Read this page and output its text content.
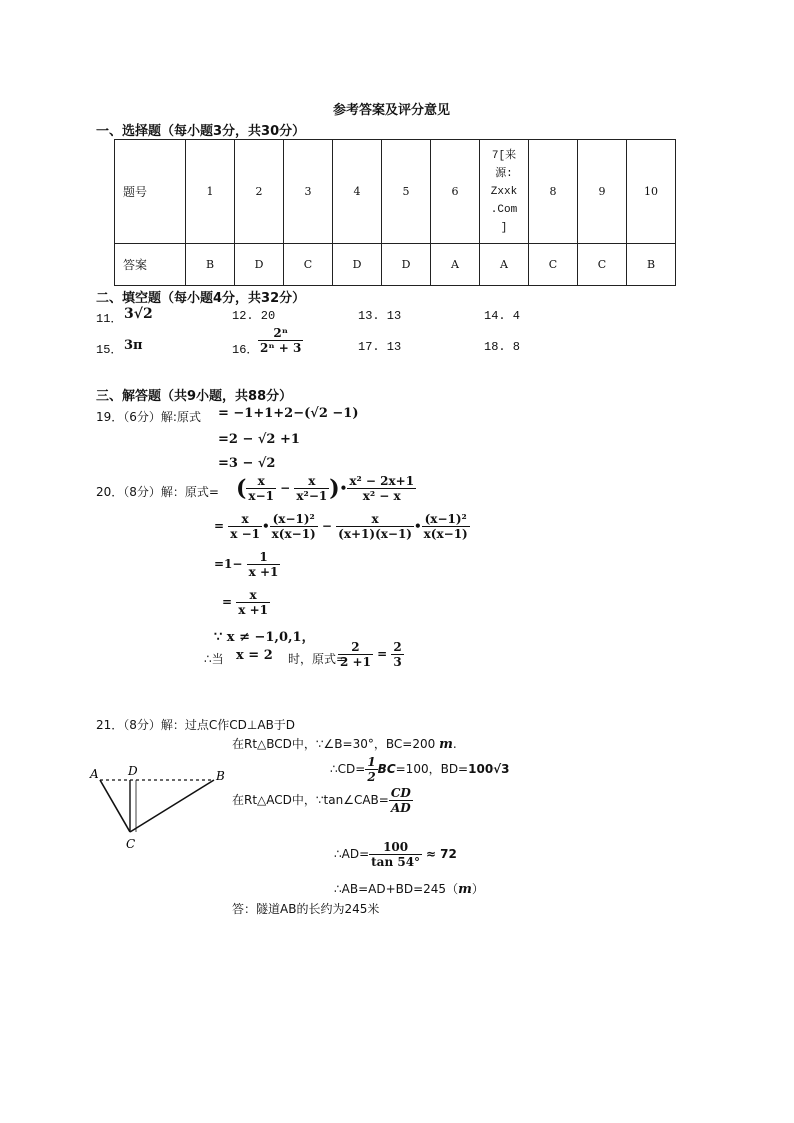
参考答案及评分意见
一、选择题（每小题3分，共30分）
题号	1	2	3	4	5	6	7[来
源:
Zxxk
.Com
]	8	9	10
答案	B	D	C	D	D	A	A	C	C	B
二、填空题（每小题4分，共32分）
11． 3√2	12. 20	13. 13	14. 4
15． 3π	16． $\frac{\text{2ⁿ}}{\text{2ⁿ + 3}}$	17. 13	18. 8
三、解答题（共9小题，共88分）
19．（6分）解:原式 = −1+1+2−(√2 −1)
=2 − √2 +1
=3 − √2
20．（8分）解：原式= ( $\frac{x}{x-1} - \frac{x}{\text{x²−1}}$ )• $\frac{\text{x² − 2x+1}}{\text{x² − x}}$
= $\frac{x}{x -1}$ • $\frac{\text{(x−1)²}}{x(x-1)} - \frac{x}{(x+1)(x-1)}$ • $\frac{\text{(x−1)²}}{x(x-1)}$
$=1- \frac{1}{x +1}$
= $\frac{x}{x +1}$
∵ x ≠ −1,0,1，
∴当 x = 2 时，原式=
$\frac{2}{2 +1} = \frac{2}{3}$
21．（8分）解：过点C作CD⊥AB于D
在Rt△BCD中，∵∠B=30°，BC=200 m.
∴CD= $\frac{1}{2} BC=100$，BD=100√3
在Rt△ACD中，∵tan∠CAB= $\frac{CD}{AD}$
∴AD= $\frac{100}{\tan 54^\circ} \approx 72$
∴AB=AD+BD=245（m）
答：隧道AB的长约为245米
A D	B
C
